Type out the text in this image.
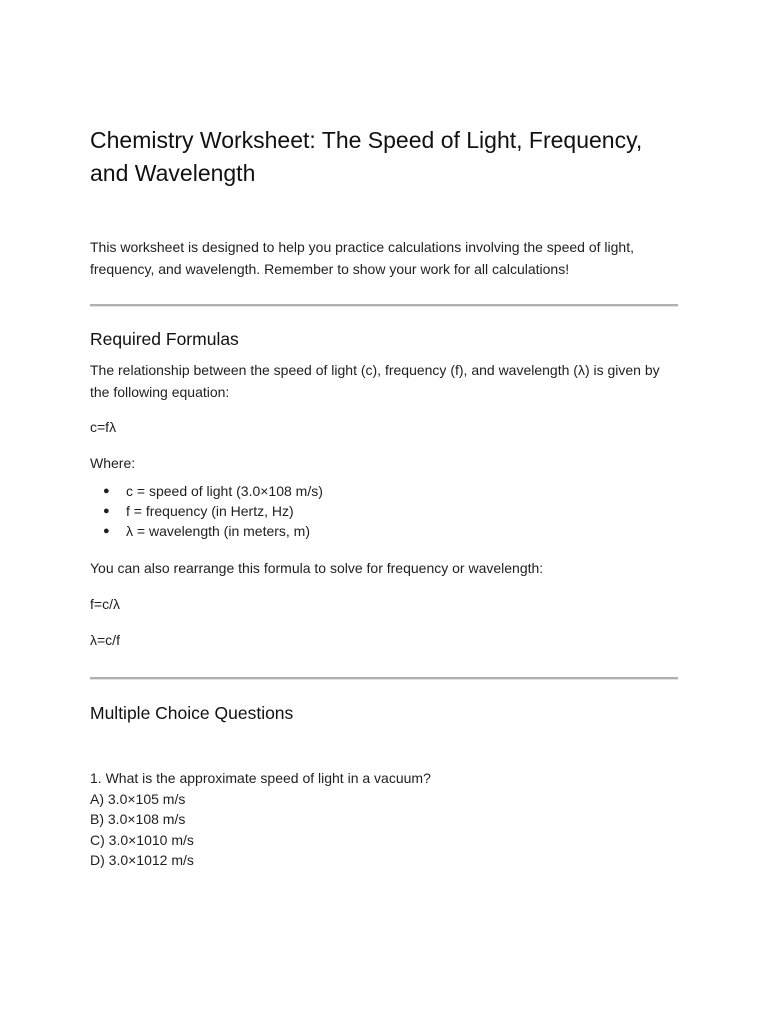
Chemistry Worksheet: The Speed of Light, Frequency, and Wavelength

This worksheet is designed to help you practice calculations involving the speed of light, frequency, and wavelength. Remember to show your work for all calculations!

Required Formulas

The relationship between the speed of light (c), frequency (f), and wavelength (λ) is given by the following equation:

c=fλ

Where:

● c = speed of light (3.0×108 m/s)
● f = frequency (in Hertz, Hz)
● λ = wavelength (in meters, m)

You can also rearrange this formula to solve for frequency or wavelength:

f=c/λ

λ=c/f

Multiple Choice Questions
1. What is the approximate speed of light in a vacuum?
A) 3.0×105 m/s
B) 3.0×108 m/s
C) 3.0×1010 m/s
D) 3.0×1012 m/s
